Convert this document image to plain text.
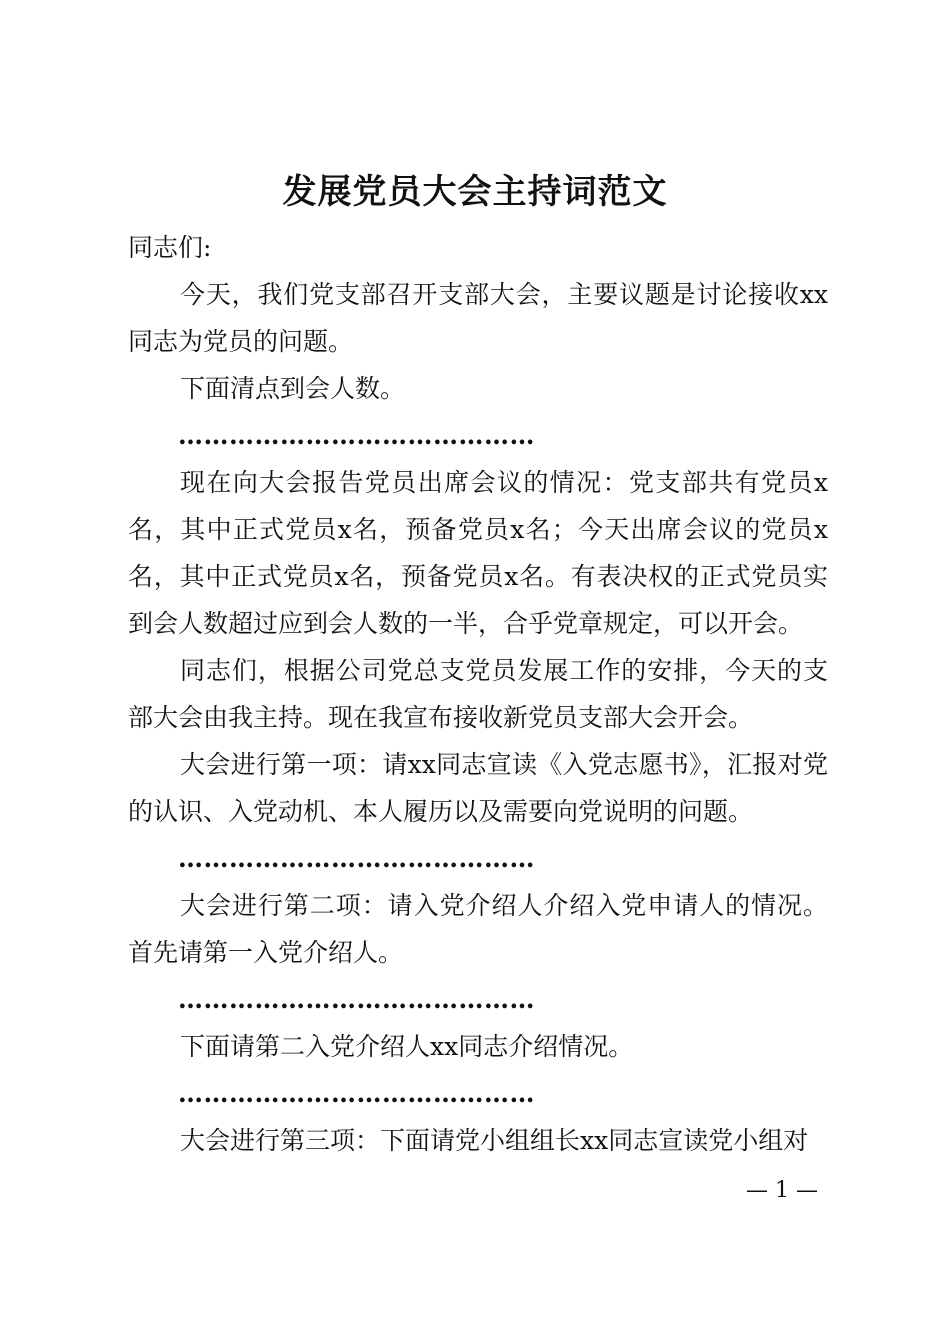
发展党员大会主持词范文

同志们:

今天，我们党支部召开支部大会，主要议题是讨论接收xx同志为党员的问题。

下面清点到会人数。

……………………………………

现在向大会报告党员出席会议的情况：党支部共有党员x名，其中正式党员x名，预备党员x名；今天出席会议的党员x名，其中正式党员x名，预备党员x名。有表决权的正式党员实到会人数超过应到会人数的一半，合乎党章规定，可以开会。

同志们，根据公司党总支党员发展工作的安排，今天的支部大会由我主持。现在我宣布接收新党员支部大会开会。

大会进行第一项：请xx同志宣读《入党志愿书》，汇报对党的认识、入党动机、本人履历以及需要向党说明的问题。

……………………………………

大会进行第二项：请入党介绍人介绍入党申请人的情况。首先请第一入党介绍人。

……………………………………

下面请第二入党介绍人xx同志介绍情况。

……………………………………

大会进行第三项：下面请党小组组长xx同志宣读党小组对

— 1 —
